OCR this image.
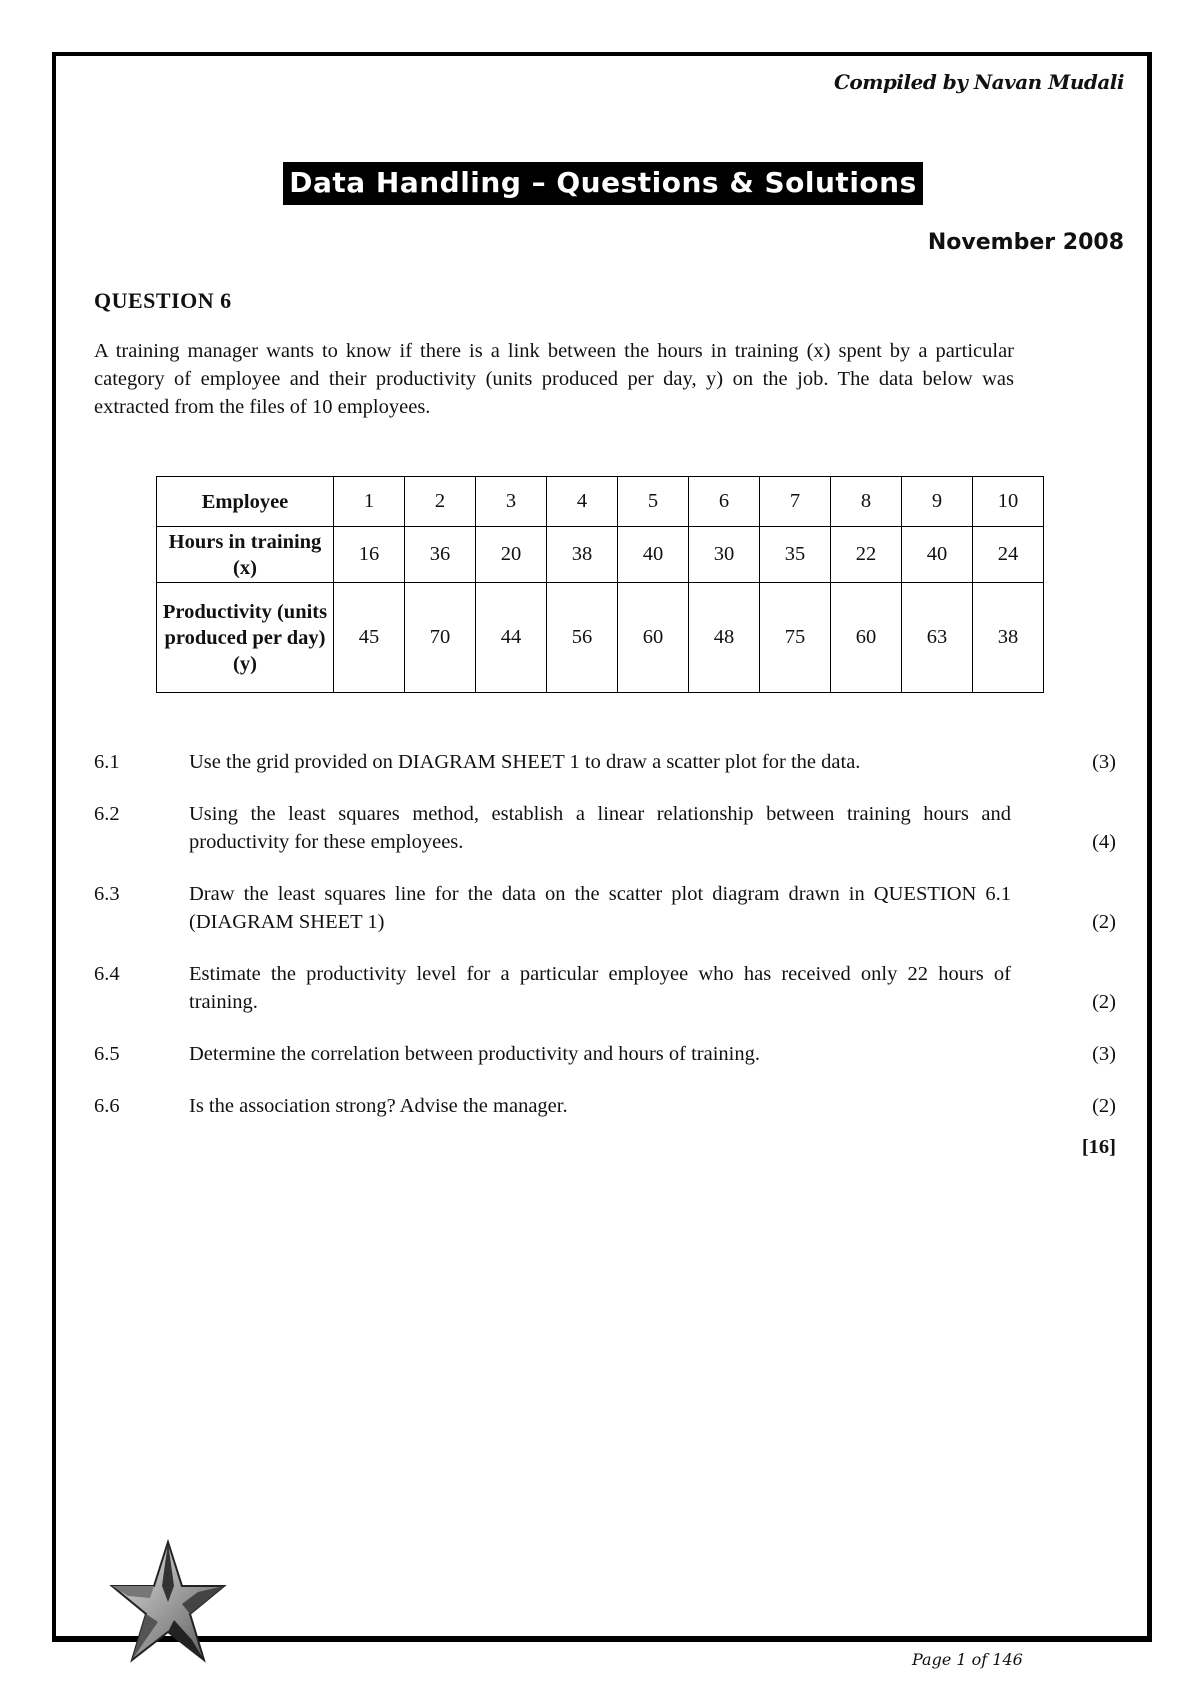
Compiled by Navan Mudali
Data Handling – Questions & Solutions
November 2008
QUESTION 6
A training manager wants to know if there is a link between the hours in training (x) spent by a particular category of employee and their productivity (units produced per day, y) on the job. The data below was extracted from the files of 10 employees.
Employee	1	2	3	4	5	6	7	8	9	10
Hours in training (x)	16	36	20	38	40	30	35	22	40	24
Productivity (units produced per day) (y)	45	70	44	56	60	48	75	60	63	38
6.1	Use the grid provided on DIAGRAM SHEET 1 to draw a scatter plot for the data.	(3)
6.2	Using the least squares method, establish a linear relationship between training hours and productivity for these employees.	(4)
6.3	Draw the least squares line for the data on the scatter plot diagram drawn in QUESTION 6.1 (DIAGRAM SHEET 1)	(2)
6.4	Estimate the productivity level for a particular employee who has received only 22 hours of training.	(2)
6.5	Determine the correlation between productivity and hours of training.	(3)
6.6	Is the association strong? Advise the manager.	(2)
[16]
Page 1 of 146
